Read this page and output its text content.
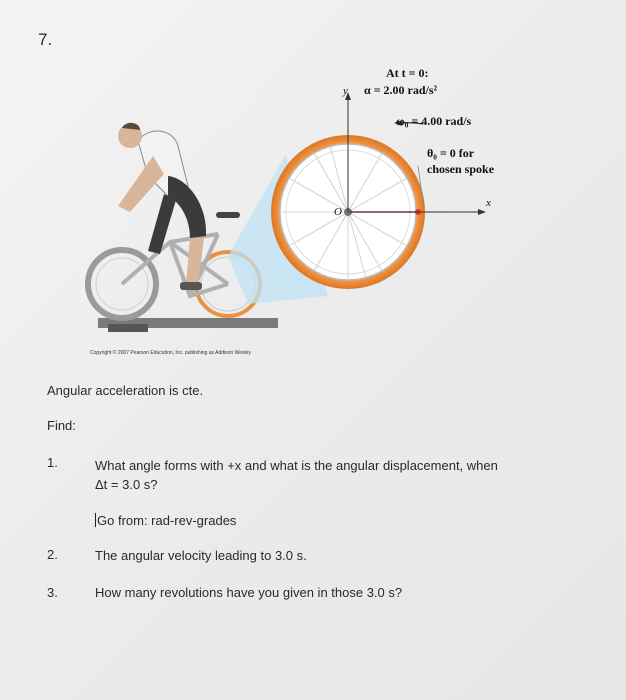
7.
y
x
O
At t = 0:
α = 2.00 rad/s²
ω₀ = 4.00 rad/s
θ₀ = 0 for
chosen spoke
Copyright © 2007 Pearson Education, Inc. publishing as Addison Wesley
Angular acceleration is cte.
Find:
1.	What angle forms with +x and what is the angular displacement, when
Δt = 3.0 s?
Go from: rad-rev-grades
2.	The angular velocity leading to 3.0 s.
3.	How many revolutions have you given in those 3.0 s?
